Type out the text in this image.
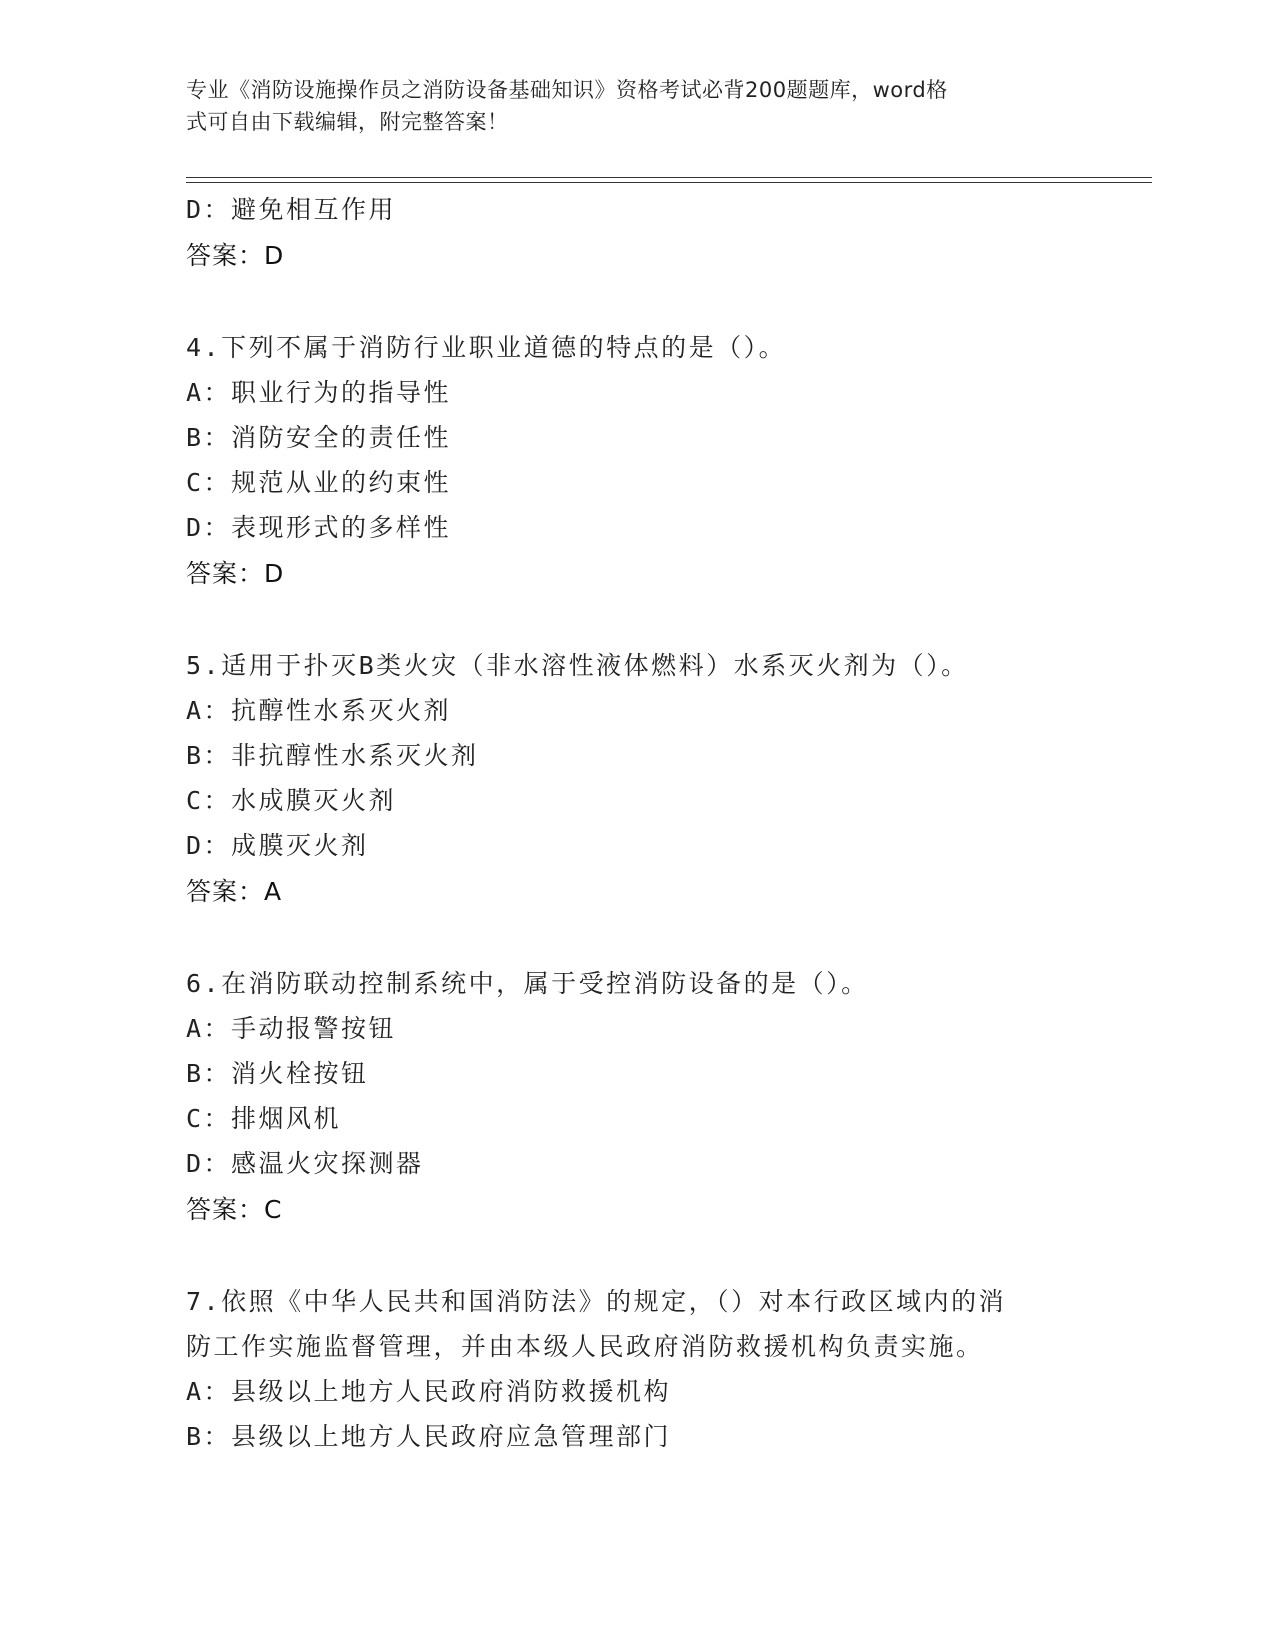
专业《消防设施操作员之消防设备基础知识》资格考试必背200题题库，word格
式可自由下载编辑，附完整答案！
D：避免相互作用
答案：D
4.下列不属于消防行业职业道德的特点的是（）。
A：职业行为的指导性
B：消防安全的责任性
C：规范从业的约束性
D：表现形式的多样性
答案：D
5.适用于扑灭B类火灾（非水溶性液体燃料）水系灭火剂为（）。
A：抗醇性水系灭火剂
B：非抗醇性水系灭火剂
C：水成膜灭火剂
D：成膜灭火剂
答案：A
6.在消防联动控制系统中，属于受控消防设备的是（）。
A：手动报警按钮
B：消火栓按钮
C：排烟风机
D：感温火灾探测器
答案：C
7.依照《中华人民共和国消防法》的规定，（）对本行政区域内的消
防工作实施监督管理，并由本级人民政府消防救援机构负责实施。
A：县级以上地方人民政府消防救援机构
B：县级以上地方人民政府应急管理部门
